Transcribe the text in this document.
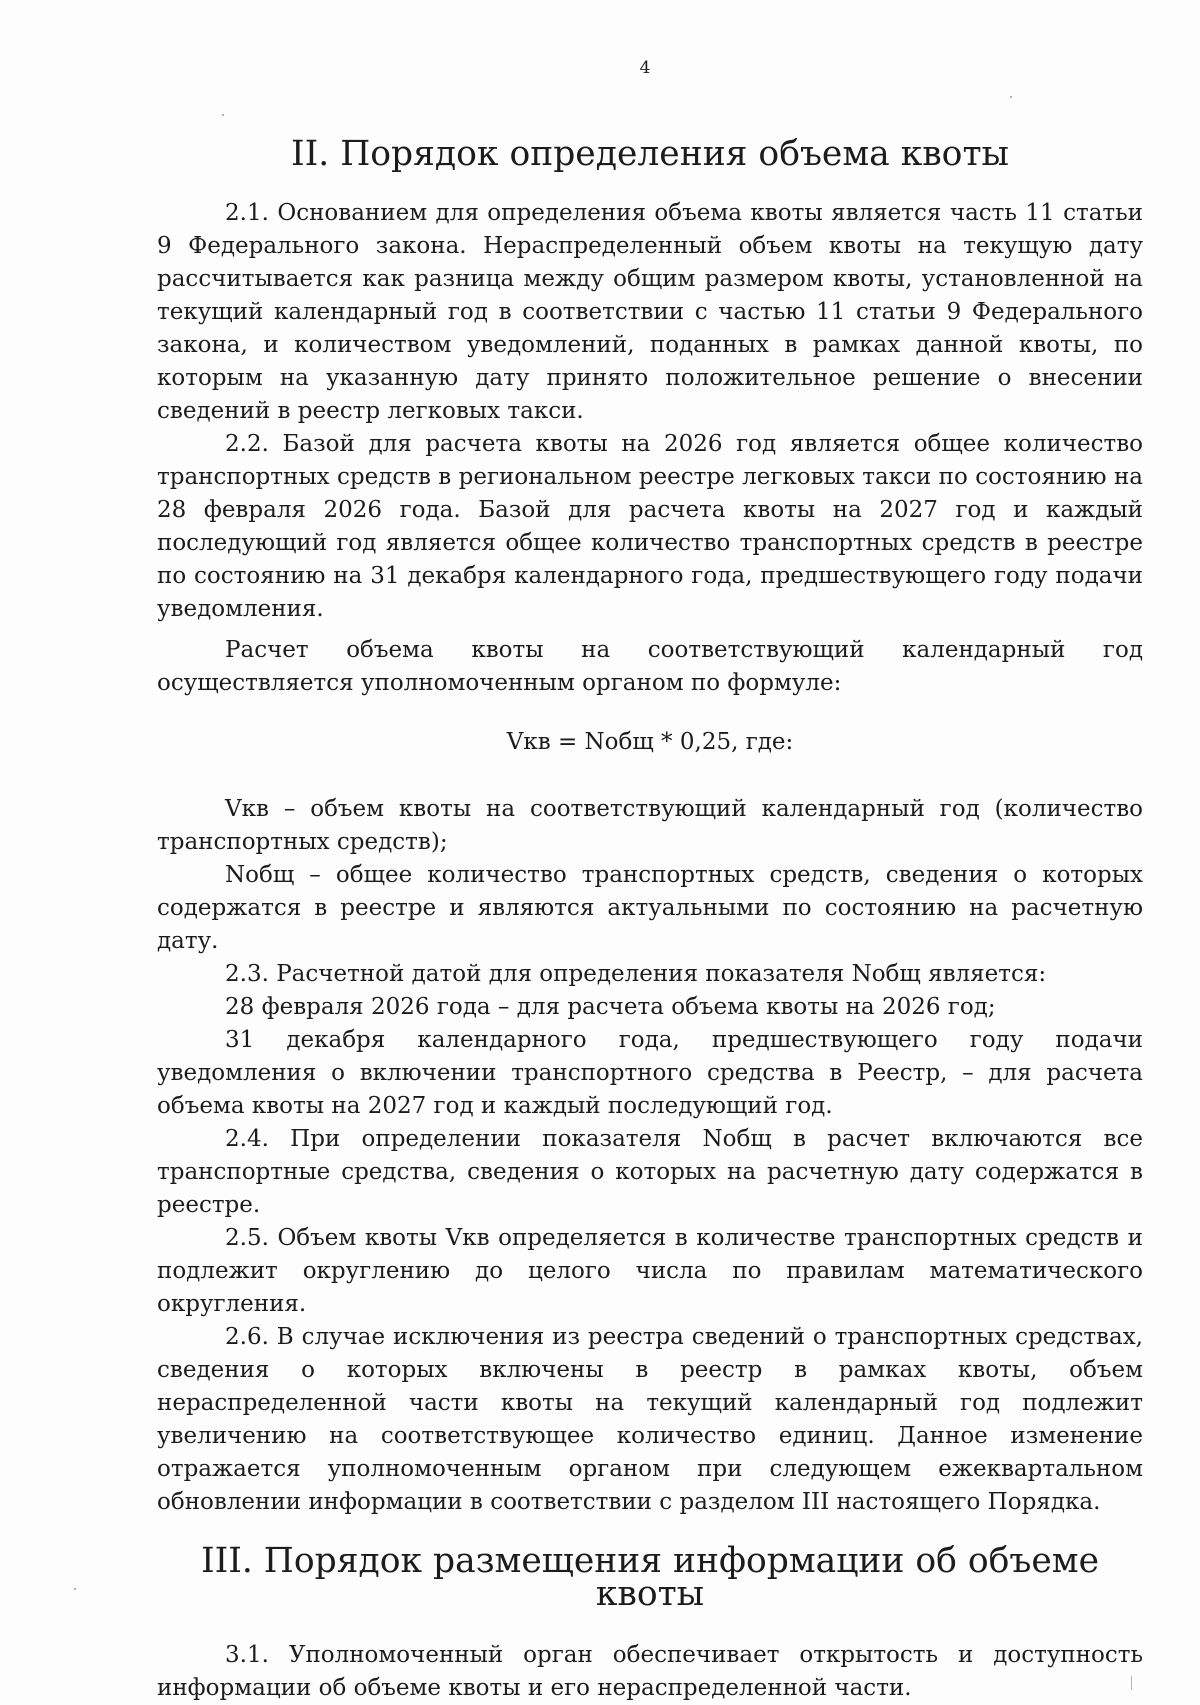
4
II. Порядок определения объема квоты

2.1. Основанием для определения объема квоты является часть 11 статьи 9 Федерального закона. Нераспределенный объем квоты на текущую дату рассчитывается как разница между общим размером квоты, установленной на текущий календарный год в соответствии с частью 11 статьи 9 Федерального закона, и количеством уведомлений, поданных в рамках данной квоты, по которым на указанную дату принято положительное решение о внесении сведений в реестр легковых такси.

2.2. Базой для расчета квоты на 2026 год является общее количество транспортных средств в региональном реестре легковых такси по состоянию на 28 февраля 2026 года. Базой для расчета квоты на 2027 год и каждый последующий год является общее количество транспортных средств в реестре по состоянию на 31 декабря календарного года, предшествующего году подачи уведомления.

Расчет объема квоты на соответствующий календарный год осуществляется уполномоченным органом по формуле:

Vкв = Nобщ * 0,25, где:

Vкв – объем квоты на соответствующий календарный год (количество транспортных средств);

Nобщ – общее количество транспортных средств, сведения о которых содержатся в реестре и являются актуальными по состоянию на расчетную дату.

2.3. Расчетной датой для определения показателя Nобщ является:

28 февраля 2026 года – для расчета объема квоты на 2026 год;

31 декабря календарного года, предшествующего году подачи уведомления о включении транспортного средства в Реестр, – для расчета объема квоты на 2027 год и каждый последующий год.

2.4. При определении показателя Nобщ в расчет включаются все транспортные средства, сведения о которых на расчетную дату содержатся в реестре.

2.5. Объем квоты Vкв определяется в количестве транспортных средств и подлежит округлению до целого числа по правилам математического округления.

2.6. В случае исключения из реестра сведений о транспортных средствах, сведения о которых включены в реестр в рамках квоты, объем нераспределенной части квоты на текущий календарный год подлежит увеличению на соответствующее количество единиц. Данное изменение отражается уполномоченным органом при следующем ежеквартальном обновлении информации в соответствии с разделом III настоящего Порядка.

III. Порядок размещения информации об объеме квоты

3.1. Уполномоченный орган обеспечивает открытость и доступность информации об объеме квоты и его нераспределенной части.
